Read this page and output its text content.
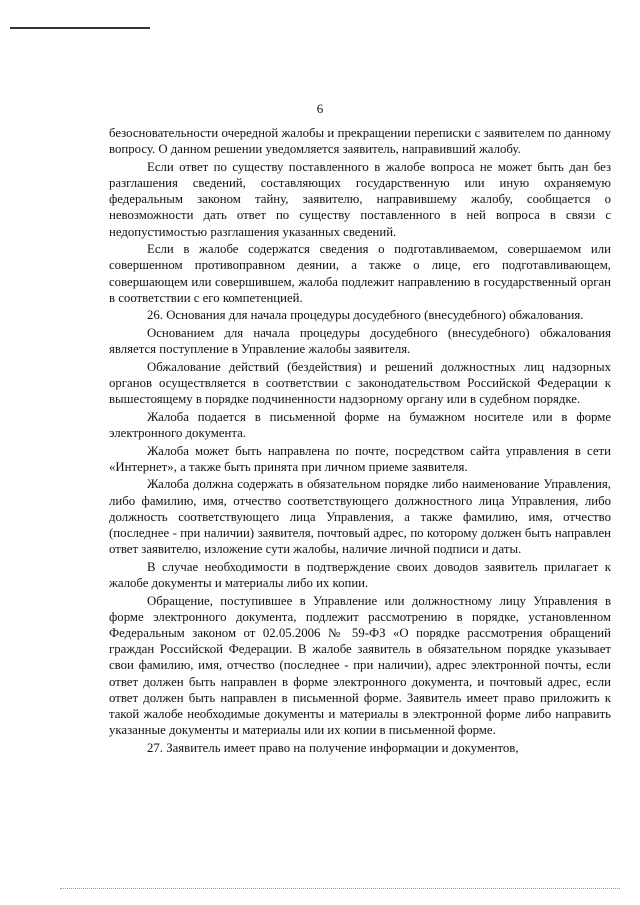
6

безосновательности очередной жалобы и прекращении переписки с заявителем по данному вопросу. О данном решении уведомляется заявитель, направивший жалобу.

Если ответ по существу поставленного в жалобе вопроса не может быть дан без разглашения сведений, составляющих государственную или иную охраняемую федеральным законом тайну, заявителю, направившему жалобу, сообщается о невозможности дать ответ по существу поставленного в ней вопроса в связи с недопустимостью разглашения указанных сведений.

Если в жалобе содержатся сведения о подготавливаемом, совершаемом или совершенном противоправном деянии, а также о лице, его подготавливающем, совершающем или совершившем, жалоба подлежит направлению в государственный орган в соответствии с его компетенцией.

26. Основания для начала процедуры досудебного (внесудебного) обжалования.

Основанием для начала процедуры досудебного (внесудебного) обжалования является поступление в Управление жалобы заявителя.

Обжалование действий (бездействия) и решений должностных лиц надзорных органов осуществляется в соответствии с законодательством Российской Федерации к вышестоящему в порядке подчиненности надзорному органу или в судебном порядке.

Жалоба подается в письменной форме на бумажном носителе или в форме электронного документа.

Жалоба может быть направлена по почте, посредством сайта управления в сети «Интернет», а также быть принята при личном приеме заявителя.

Жалоба должна содержать в обязательном порядке либо наименование Управления, либо фамилию, имя, отчество соответствующего должностного лица Управления, либо должность соответствующего лица Управления, а также фамилию, имя, отчество (последнее - при наличии) заявителя, почтовый адрес, по которому должен быть направлен ответ заявителю, изложение сути жалобы, наличие личной подписи и даты.

В случае необходимости в подтверждение своих доводов заявитель прилагает к жалобе документы и материалы либо их копии.

Обращение, поступившее в Управление или должностному лицу Управления в форме электронного документа, подлежит рассмотрению в порядке, установленном Федеральным законом от 02.05.2006 № 59-ФЗ «О порядке рассмотрения обращений граждан Российской Федерации. В жалобе заявитель в обязательном порядке указывает свои фамилию, имя, отчество (последнее - при наличии), адрес электронной почты, если ответ должен быть направлен в форме электронного документа, и почтовый адрес, если ответ должен быть направлен в письменной форме. Заявитель имеет право приложить к такой жалобе необходимые документы и материалы в электронной форме либо направить указанные документы и материалы или их копии в письменной форме.

27. Заявитель имеет право на получение информации и документов,
